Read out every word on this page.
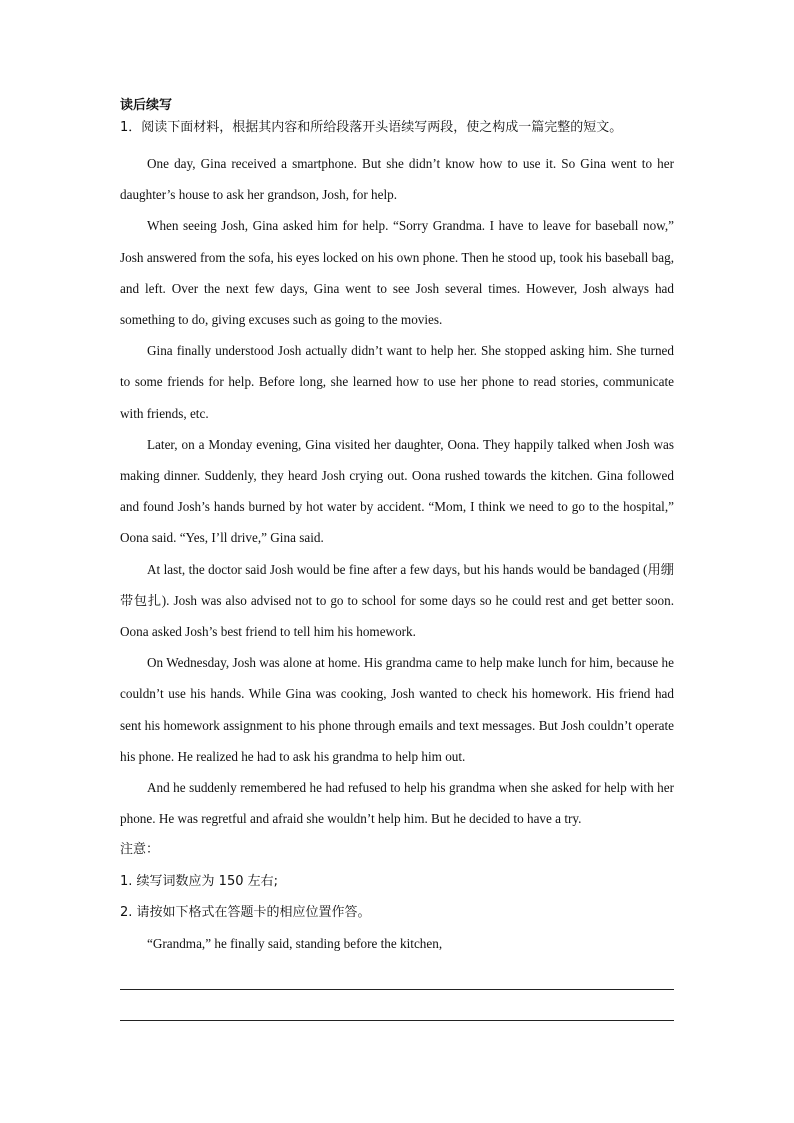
读后续写

1．阅读下面材料，根据其内容和所给段落开头语续写两段，使之构成一篇完整的短文。

One day, Gina received a smartphone. But she didn’t know how to use it. So Gina went to her daughter’s house to ask her grandson, Josh, for help.

When seeing Josh, Gina asked him for help. “Sorry Grandma. I have to leave for baseball now,” Josh answered from the sofa, his eyes locked on his own phone. Then he stood up, took his baseball bag, and left. Over the next few days, Gina went to see Josh several times. However, Josh always had something to do, giving excuses such as going to the movies.

Gina finally understood Josh actually didn’t want to help her. She stopped asking him. She turned to some friends for help. Before long, she learned how to use her phone to read stories, communicate with friends, etc.

Later, on a Monday evening, Gina visited her daughter, Oona. They happily talked when Josh was making dinner. Suddenly, they heard Josh crying out. Oona rushed towards the kitchen. Gina followed and found Josh’s hands burned by hot water by accident. “Mom, I think we need to go to the hospital,” Oona said. “Yes, I’ll drive,” Gina said.

At last, the doctor said Josh would be fine after a few days, but his hands would be bandaged (用绷带包扎). Josh was also advised not to go to school for some days so he could rest and get better soon. Oona asked Josh’s best friend to tell him his homework.

On Wednesday, Josh was alone at home. His grandma came to help make lunch for him, because he couldn’t use his hands. While Gina was cooking, Josh wanted to check his homework. His friend had sent his homework assignment to his phone through emails and text messages. But Josh couldn’t operate his phone. He realized he had to ask his grandma to help him out.

And he suddenly remembered he had refused to help his grandma when she asked for help with her phone. He was regretful and afraid she wouldn’t help him. But he decided to have a try.

注意：

1. 续写词数应为 150 左右;

2. 请按如下格式在答题卡的相应位置作答。

“Grandma,” he finally said, standing before the kitchen,
